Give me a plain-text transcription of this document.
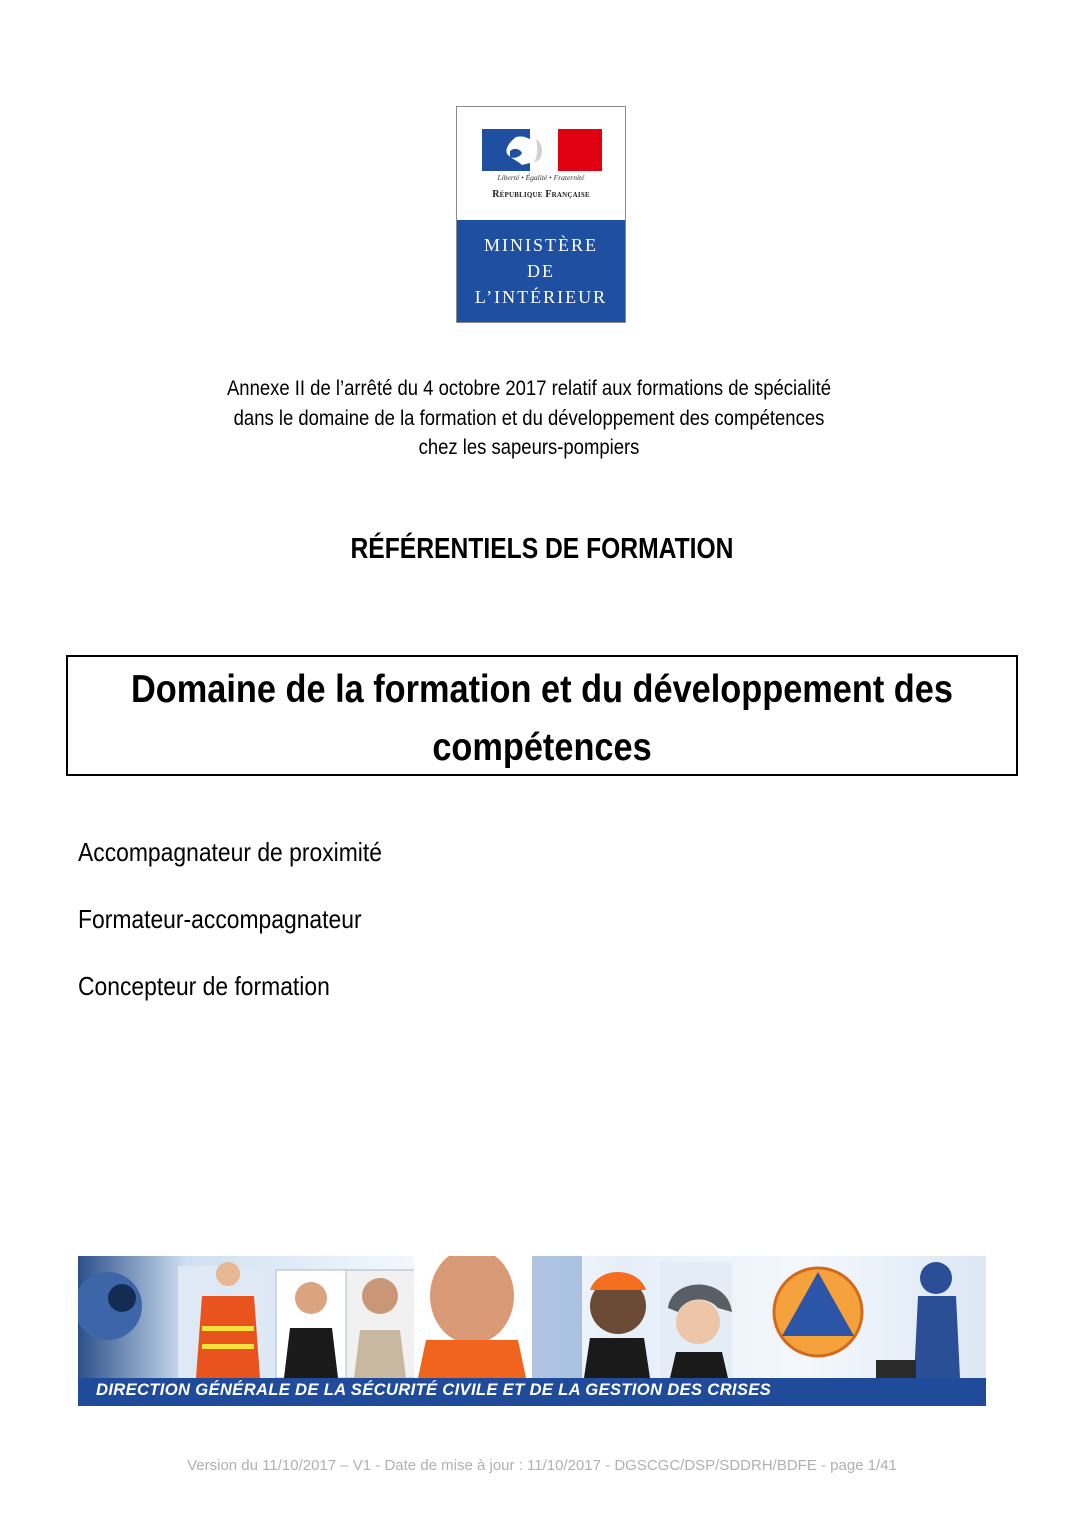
Liberté • Égalité • Fraternité
République Française
MINISTÈRE
DE
L’INTÉRIEUR
Annexe II de l’arrêté du 4 octobre 2017 relatif aux formations de spécialité
dans le domaine de la formation et du développement des compétences
chez les sapeurs-pompiers
RÉFÉRENTIELS DE FORMATION
Domaine de la formation et du développement des
compétences
Accompagnateur de proximité
Formateur-accompagnateur
Concepteur de formation
DIRECTION GÉNÉRALE DE LA SÉCURITÉ CIVILE ET DE LA GESTION DES CRISES
Version du 11/10/2017 – V1 - Date de mise à jour : 11/10/2017 - DGSCGC/DSP/SDDRH/BDFE - page 1/41
